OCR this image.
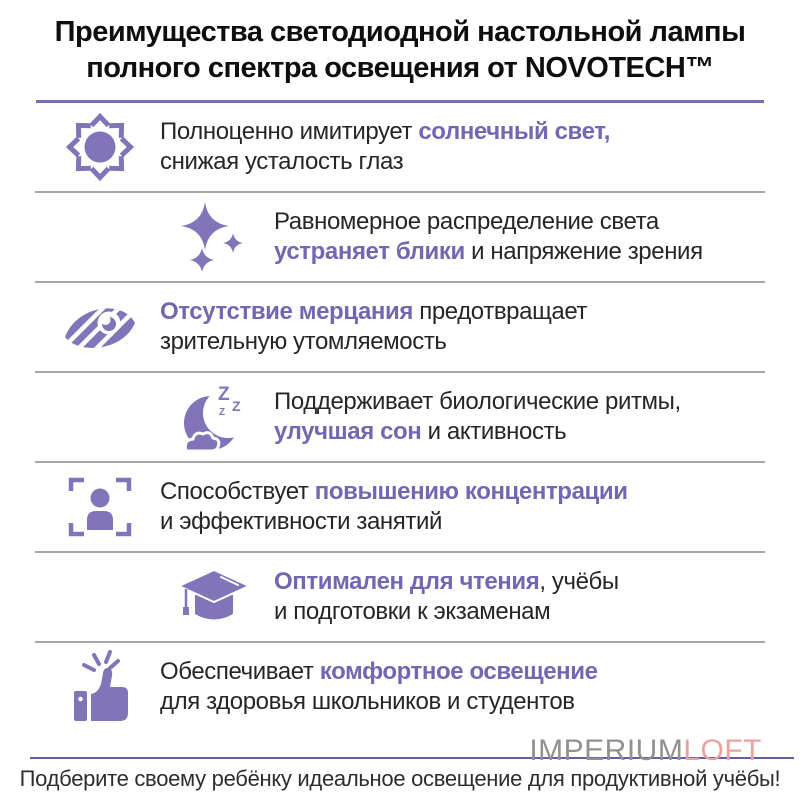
Преимущества светодиодной настольной лампы
полного спектра освещения от NOVOTECH™
Полноценно имитирует солнечный свет,
снижая усталость глаз
Равномерное распределение света
устраняет блики и напряжение зрения
Отсутствие мерцания предотвращает
зрительную утомляемость
Z
Z
Z Поддерживает биологические ритмы,
улучшая сон и активность
Способствует повышению концентрации
и эффективности занятий
Оптимален для чтения, учёбы
и подготовки к экзаменам
Обеспечивает комфортное освещение
для здоровья школьников и студентов
IMPERIUMLOFT
Подберите своему ребёнку идеальное освещение для продуктивной учёбы!
